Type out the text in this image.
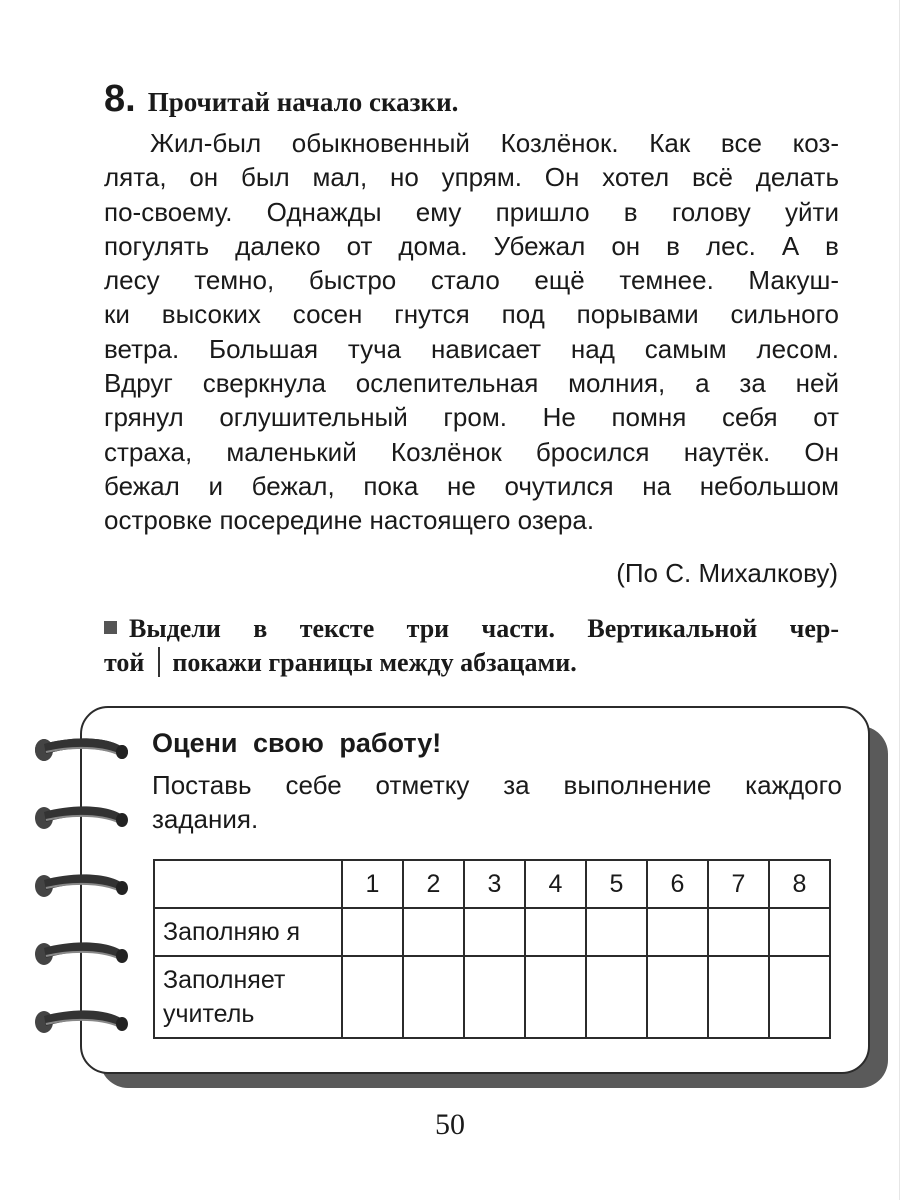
8. Прочитай начало сказки.
Жил-был обыкновенный Козлёнок. Как все коз-
лята, он был мал, но упрям. Он хотел всё делать
по-своему. Однажды ему пришло в голову уйти
погулять далеко от дома. Убежал он в лес. А в
лесу темно, быстро стало ещё темнее. Макуш-
ки высоких сосен гнутся под порывами сильного
ветра. Большая туча нависает над самым лесом.
Вдруг сверкнула ослепительная молния, а за ней
грянул оглушительный гром. Не помня себя от
страха, маленький Козлёнок бросился наутёк. Он
бежал и бежал, пока не очутился на небольшом
островке посередине настоящего озера.
(По С. Михалкову)
Выдели в тексте три части. Вертикальной чер-
той покажи границы между абзацами.
Оцени свою работу!
Поставь себе отметку за выполнение каждого
задания.
	1	2	3	4	5	6	7	8
Заполняю я								

Заполняет
учитель								

50
